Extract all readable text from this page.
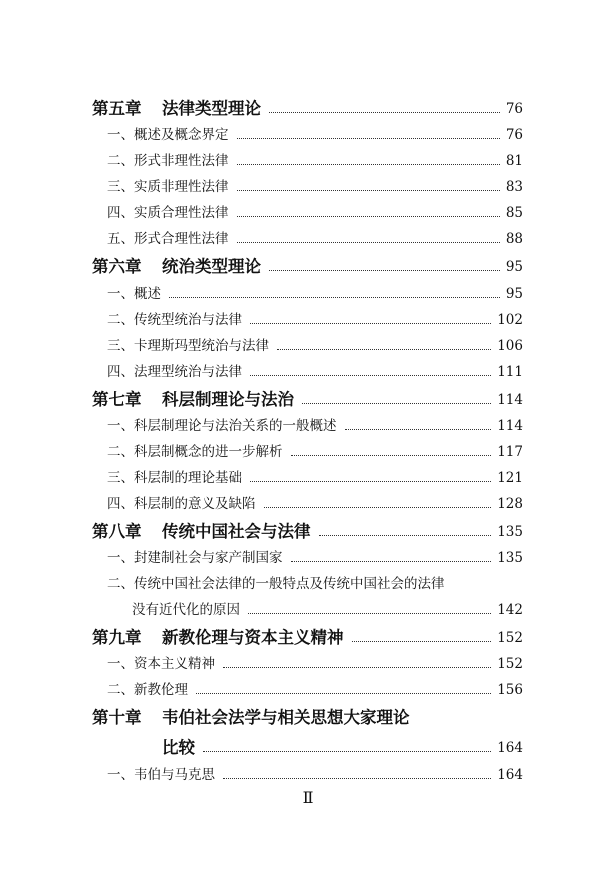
第五章 法律类型理论	76
一、概述及概念界定	76
二、形式非理性法律	81
三、实质非理性法律	83
四、实质合理性法律	85
五、形式合理性法律	88
第六章 统治类型理论	95
一、概述	95
二、传统型统治与法律	102
三、卡理斯玛型统治与法律	106
四、法理型统治与法律	111
第七章 科层制理论与法治	114
一、科层制理论与法治关系的一般概述	114
二、科层制概念的进一步解析	117
三、科层制的理论基础	121
四、科层制的意义及缺陷	128
第八章 传统中国社会与法律	135
一、封建制社会与家产制国家	135
二、传统中国社会法律的一般特点及传统中国社会的法律
没有近代化的原因	142
第九章 新教伦理与资本主义精神	152
一、资本主义精神	152
二、新教伦理	156
第十章 韦伯社会法学与相关思想大家理论
比较	164
一、韦伯与马克思	164
Ⅱ
